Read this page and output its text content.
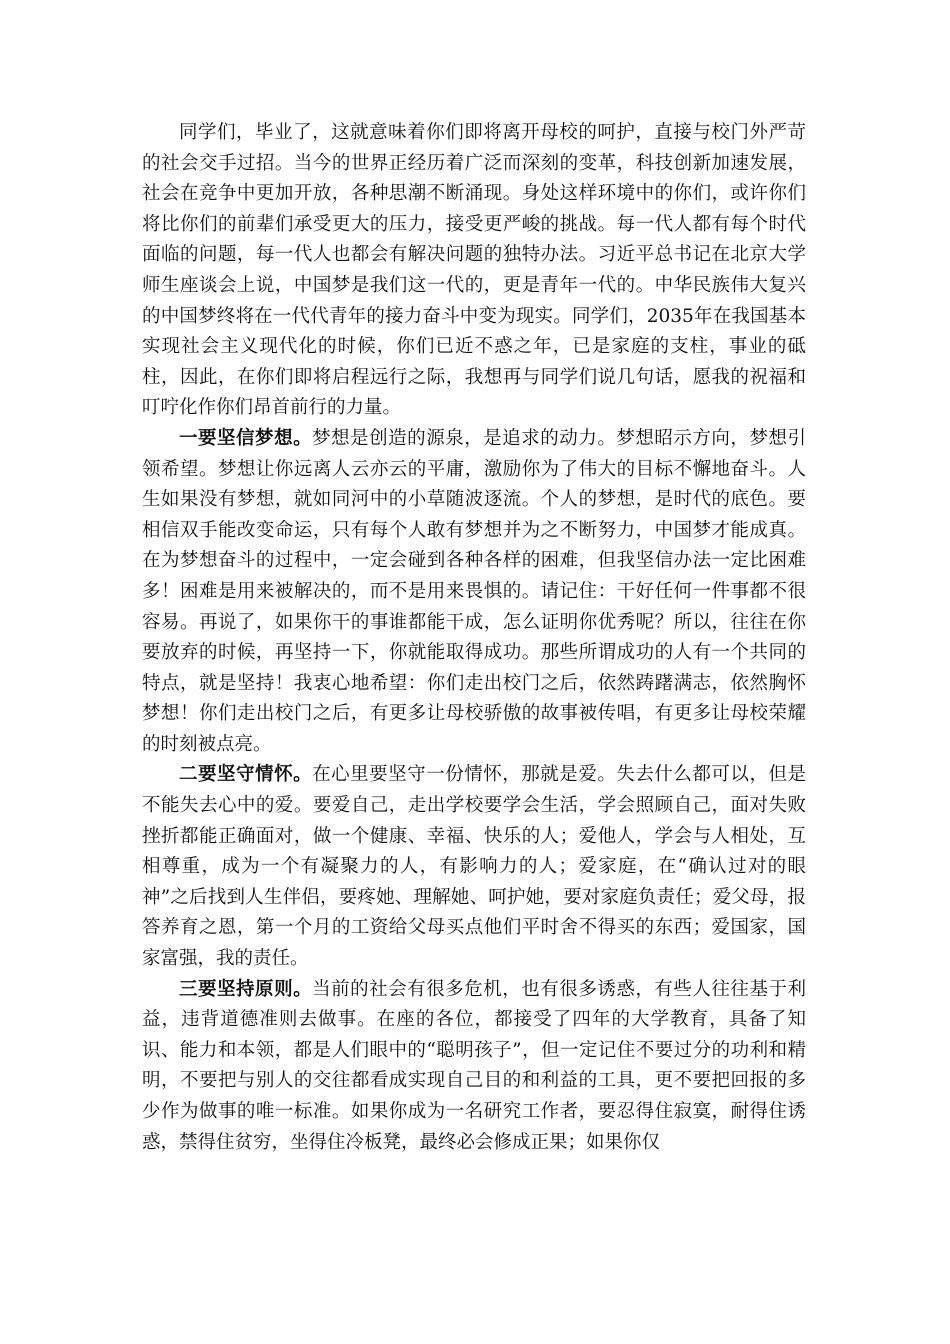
同学们，毕业了，这就意味着你们即将离开母校的呵护，直接与校门外严苛的社会交手过招。当今的世界正经历着广泛而深刻的变革，科技创新加速发展，社会在竞争中更加开放，各种思潮不断涌现。身处这样环境中的你们，或许你们将比你们的前辈们承受更大的压力，接受更严峻的挑战。每一代人都有每个时代面临的问题，每一代人也都会有解决问题的独特办法。习近平总书记在北京大学师生座谈会上说，中国梦是我们这一代的，更是青年一代的。中华民族伟大复兴的中国梦终将在一代代青年的接力奋斗中变为现实。同学们，2035年在我国基本实现社会主义现代化的时候，你们已近不惑之年，已是家庭的支柱，事业的砥柱，因此，在你们即将启程远行之际，我想再与同学们说几句话，愿我的祝福和叮咛化作你们昂首前行的力量。

一要坚信梦想。梦想是创造的源泉，是追求的动力。梦想昭示方向，梦想引领希望。梦想让你远离人云亦云的平庸，激励你为了伟大的目标不懈地奋斗。人生如果没有梦想，就如同河中的小草随波逐流。个人的梦想，是时代的底色。要相信双手能改变命运，只有每个人敢有梦想并为之不断努力，中国梦才能成真。在为梦想奋斗的过程中，一定会碰到各种各样的困难，但我坚信办法一定比困难多！困难是用来被解决的，而不是用来畏惧的。请记住：干好任何一件事都不很容易。再说了，如果你干的事谁都能干成，怎么证明你优秀呢？所以，往往在你要放弃的时候，再坚持一下，你就能取得成功。那些所谓成功的人有一个共同的特点，就是坚持！我衷心地希望：你们走出校门之后，依然踌躇满志，依然胸怀梦想！你们走出校门之后，有更多让母校骄傲的故事被传唱，有更多让母校荣耀的时刻被点亮。

二要坚守情怀。在心里要坚守一份情怀，那就是爱。失去什么都可以，但是不能失去心中的爱。要爱自己，走出学校要学会生活，学会照顾自己，面对失败挫折都能正确面对，做一个健康、幸福、快乐的人；爱他人，学会与人相处，互相尊重，成为一个有凝聚力的人，有影响力的人；爱家庭，在“确认过对的眼神”之后找到人生伴侣，要疼她、理解她、呵护她，要对家庭负责任；爱父母，报答养育之恩，第一个月的工资给父母买点他们平时舍不得买的东西；爱国家，国家富强，我的责任。

三要坚持原则。当前的社会有很多危机，也有很多诱惑，有些人往往基于利益，违背道德准则去做事。在座的各位，都接受了四年的大学教育，具备了知识、能力和本领，都是人们眼中的“聪明孩子”，但一定记住不要过分的功利和精明，不要把与别人的交往都看成实现自己目的和利益的工具，更不要把回报的多少作为做事的唯一标准。如果你成为一名研究工作者，要忍得住寂寞，耐得住诱惑，禁得住贫穷，坐得住冷板凳，最终必会修成正果；如果你仅
